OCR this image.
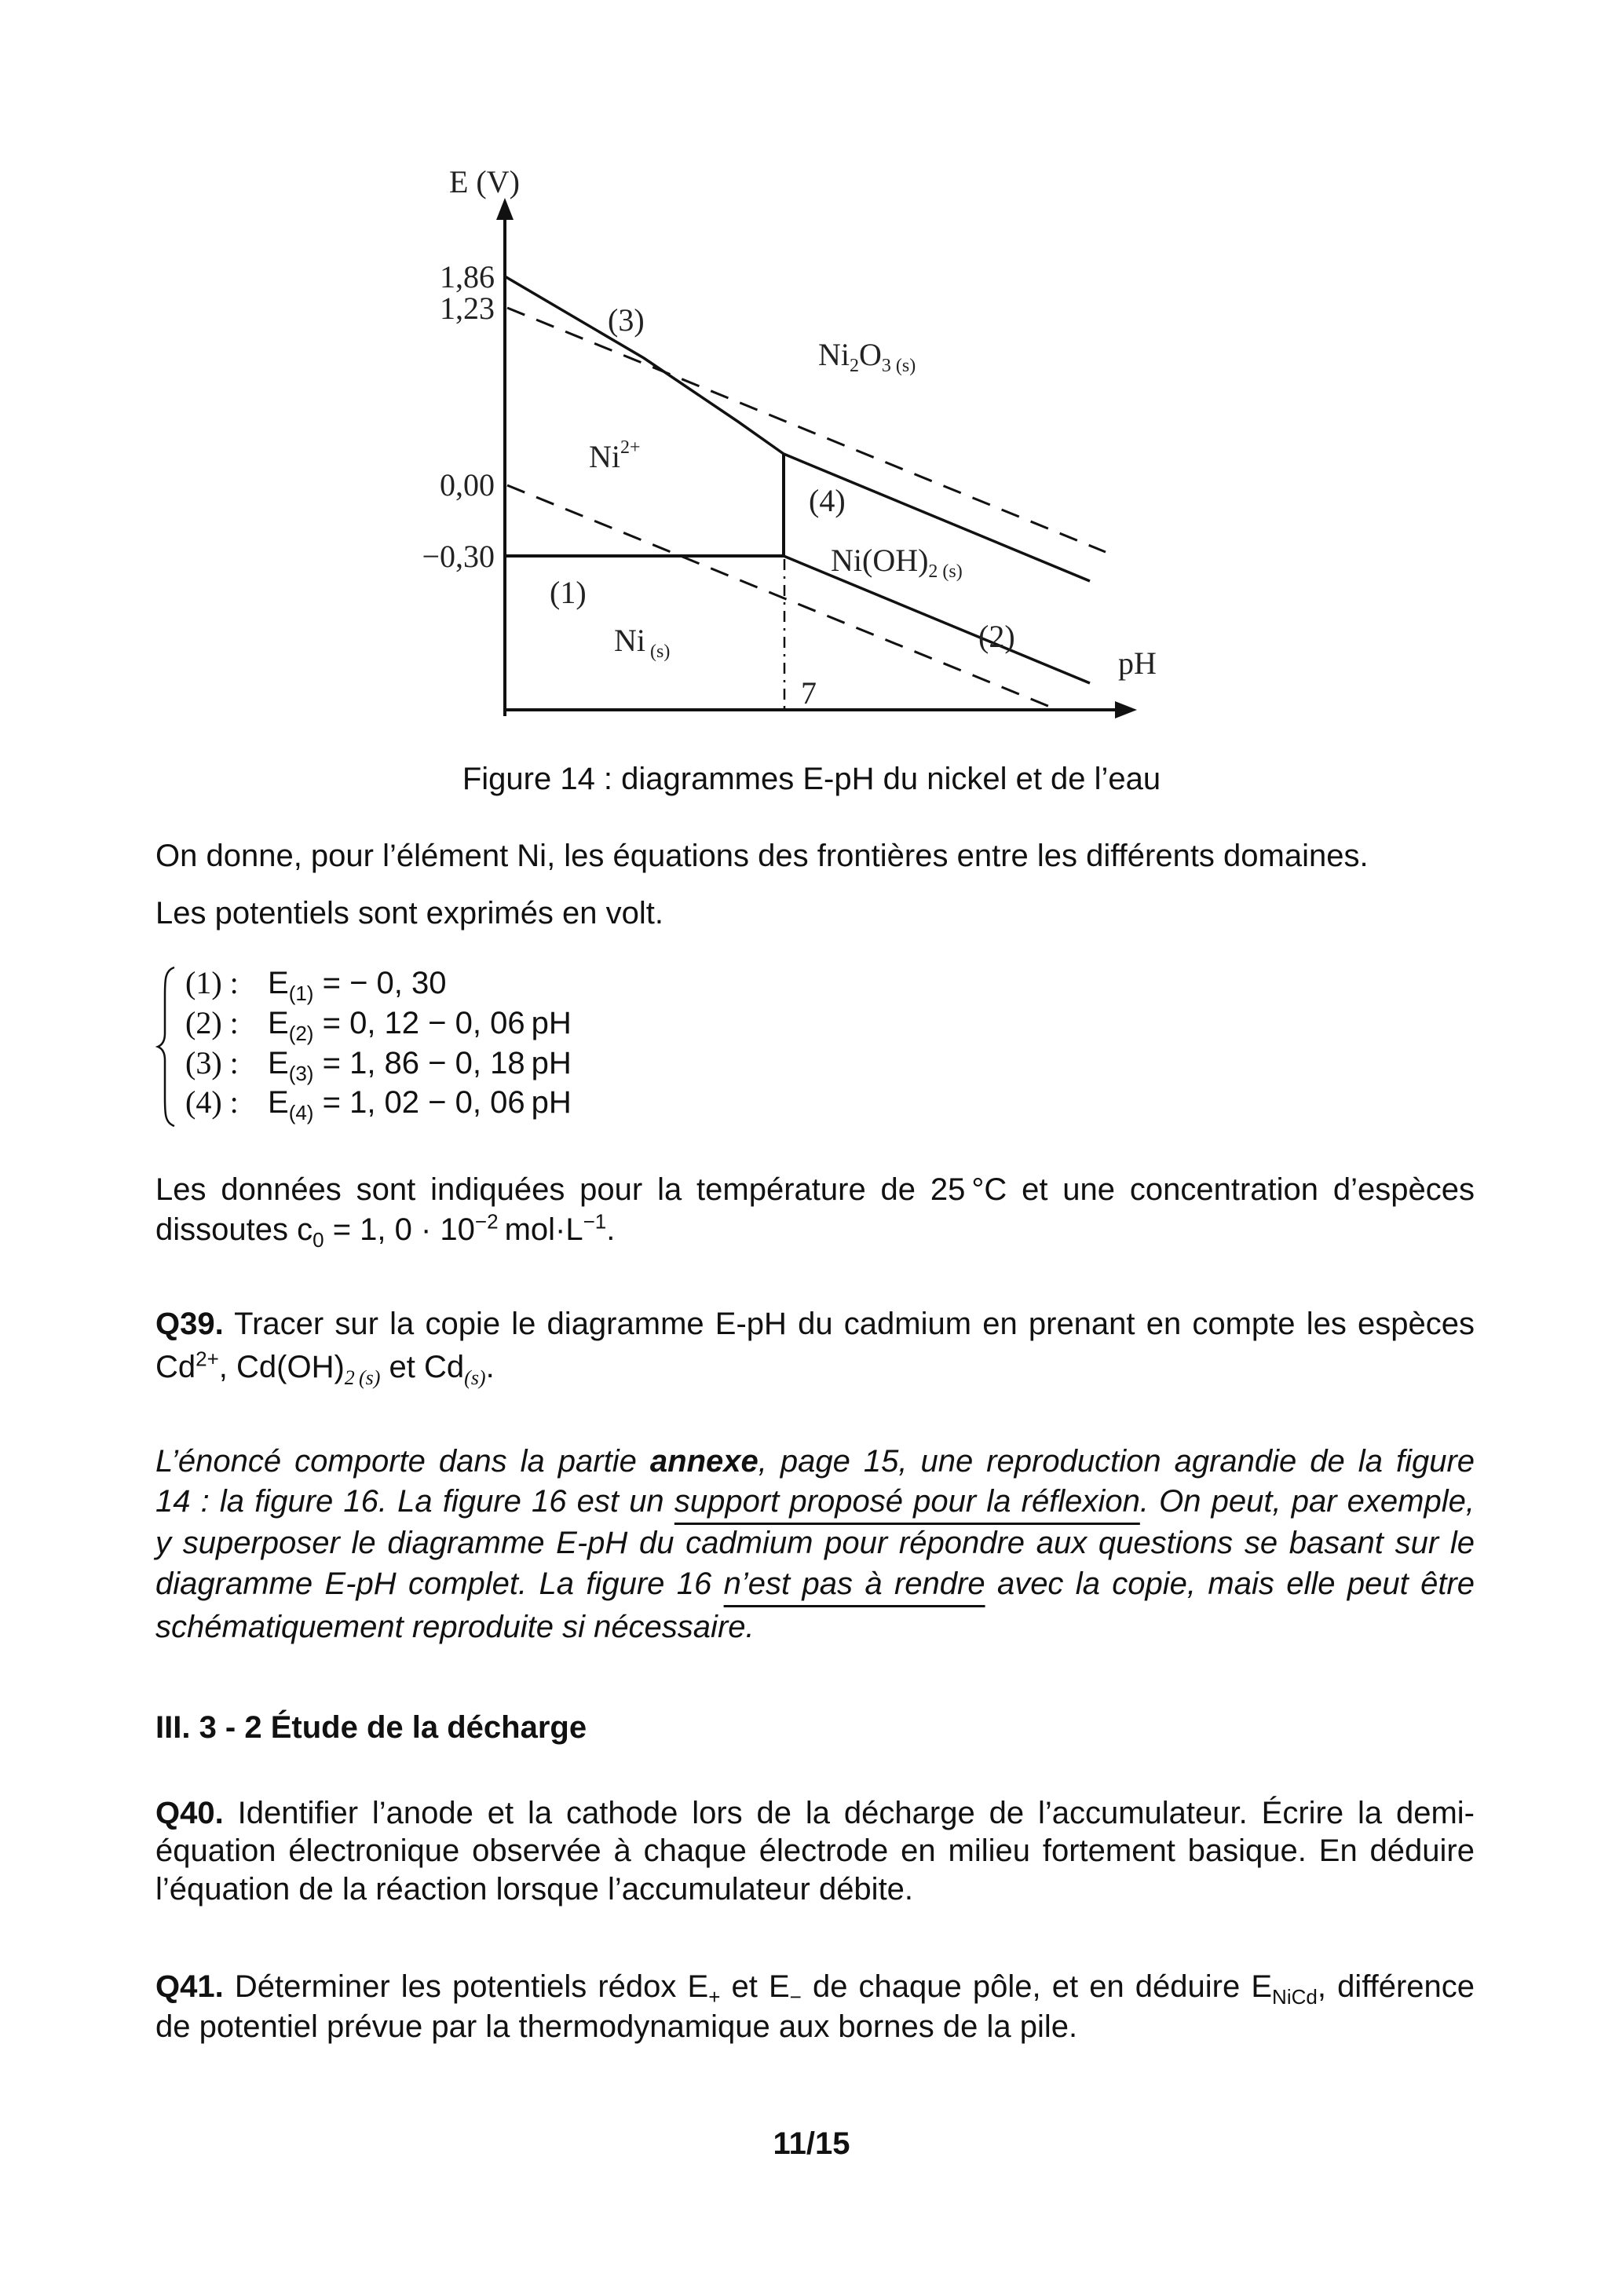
E (V)
pH
1,86
1,23
0,00
−0,30
7
(1)
(2)
(3)
(4)
Ni2O3 (s)
Ni2+
Ni(OH)2 (s)
Ni (s)
Figure 14 : diagrammes E-pH du nickel et de l’eau
On donne, pour l’élément Ni, les équations des frontières entre les différents domaines.
Les potentiels sont exprimés en volt.
(1) : $E_{(1)}$ = − 0, 30
(2) : $E_{(2)} = 0$, 12 − 0, 06 pH
(3) : $E_{(3)} = 1$, 86 − 0, 18 pH
(4) : $E_{(4)} = 1$, 02 − 0, 06 pH
Les données sont indiquées pour la température de 25 °C et une concentration d’espèces
dissoutes $c_0 = 1$, $0 \cdot 10^{-2}$ $mol\cdot L^{-1}$.
Q39. Tracer sur la copie le diagramme E-pH du cadmium en prenant en compte les espèces
$Cd^{2+}$, $Cd(OH)_{2 (s)}$ et $Cd_{(s)}$.
L’énoncé comporte dans la partie annexe, page 15, une reproduction agrandie de la figure
14 : la figure 16. La figure 16 est un support proposé pour la réflexion. On peut, par exemple,
y superposer le diagramme E-pH du cadmium pour répondre aux questions se basant sur le
diagramme E-pH complet. La figure 16 n’est pas à rendre avec la copie, mais elle peut être
schématiquement reproduite si nécessaire.
III. 3 - 2 Étude de la décharge
Q40. Identifier l’anode et la cathode lors de la décharge de l’accumulateur. Écrire la demi-
équation électronique observée à chaque électrode en milieu fortement basique. En déduire
l’équation de la réaction lorsque l’accumulateur débite.
Q41. Déterminer les potentiels rédox $E_+$ et $E_-$ de chaque pôle, et en déduire $E_{NiCd}$, différence
de potentiel prévue par la thermodynamique aux bornes de la pile.
11/15
